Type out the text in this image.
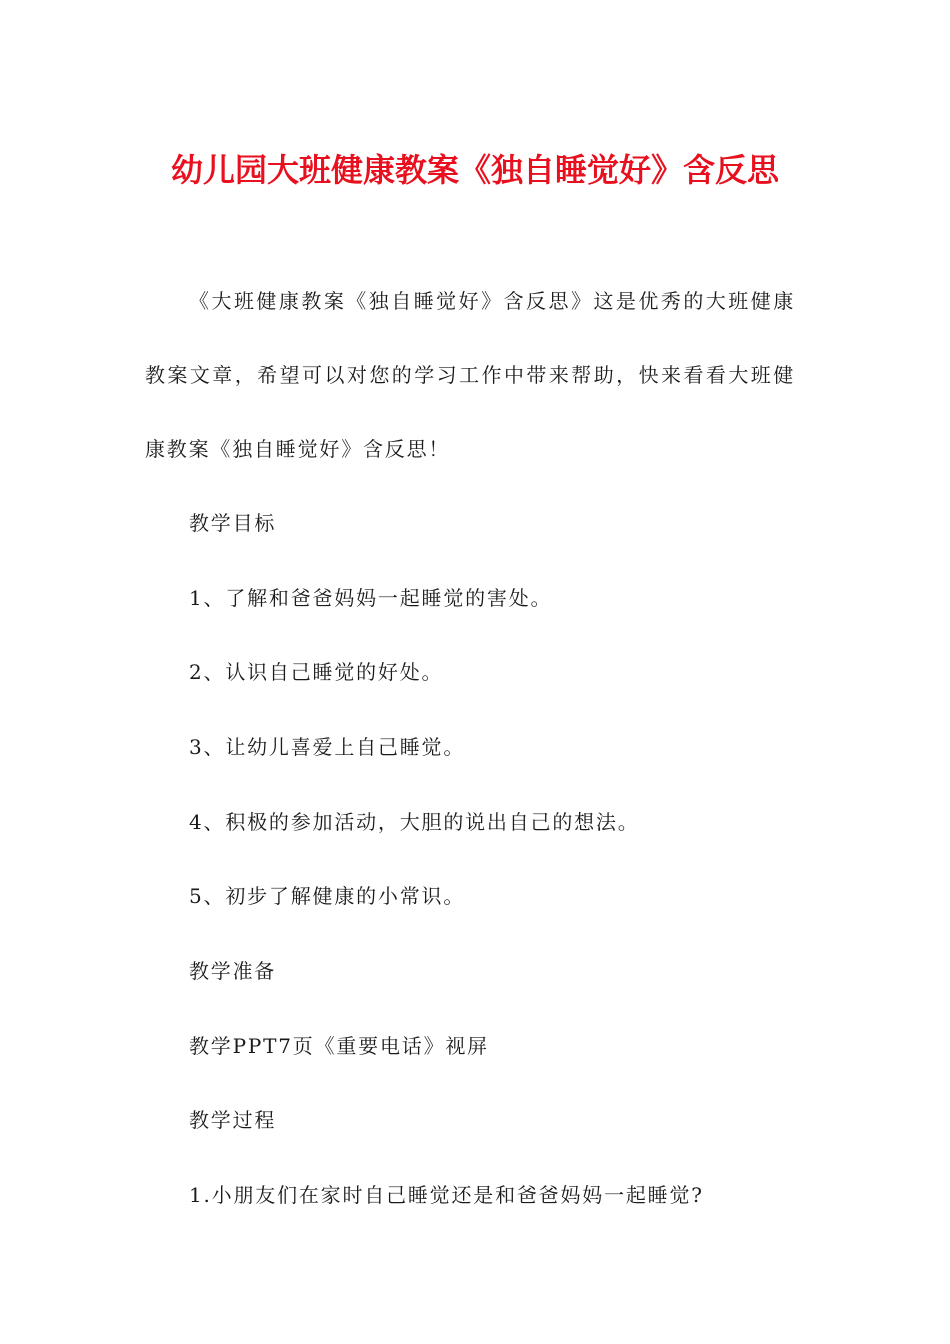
幼儿园大班健康教案《独自睡觉好》含反思

《大班健康教案《独自睡觉好》含反思》这是优秀的大班健康教案文章，希望可以对您的学习工作中带来帮助，快来看看大班健康教案《独自睡觉好》含反思！

教学目标

1、了解和爸爸妈妈一起睡觉的害处。

2、认识自己睡觉的好处。

3、让幼儿喜爱上自己睡觉。

4、积极的参加活动，大胆的说出自己的想法。

5、初步了解健康的小常识。

教学准备

教学PPT7页《重要电话》视屏

教学过程

1.小朋友们在家时自己睡觉还是和爸爸妈妈一起睡觉?
